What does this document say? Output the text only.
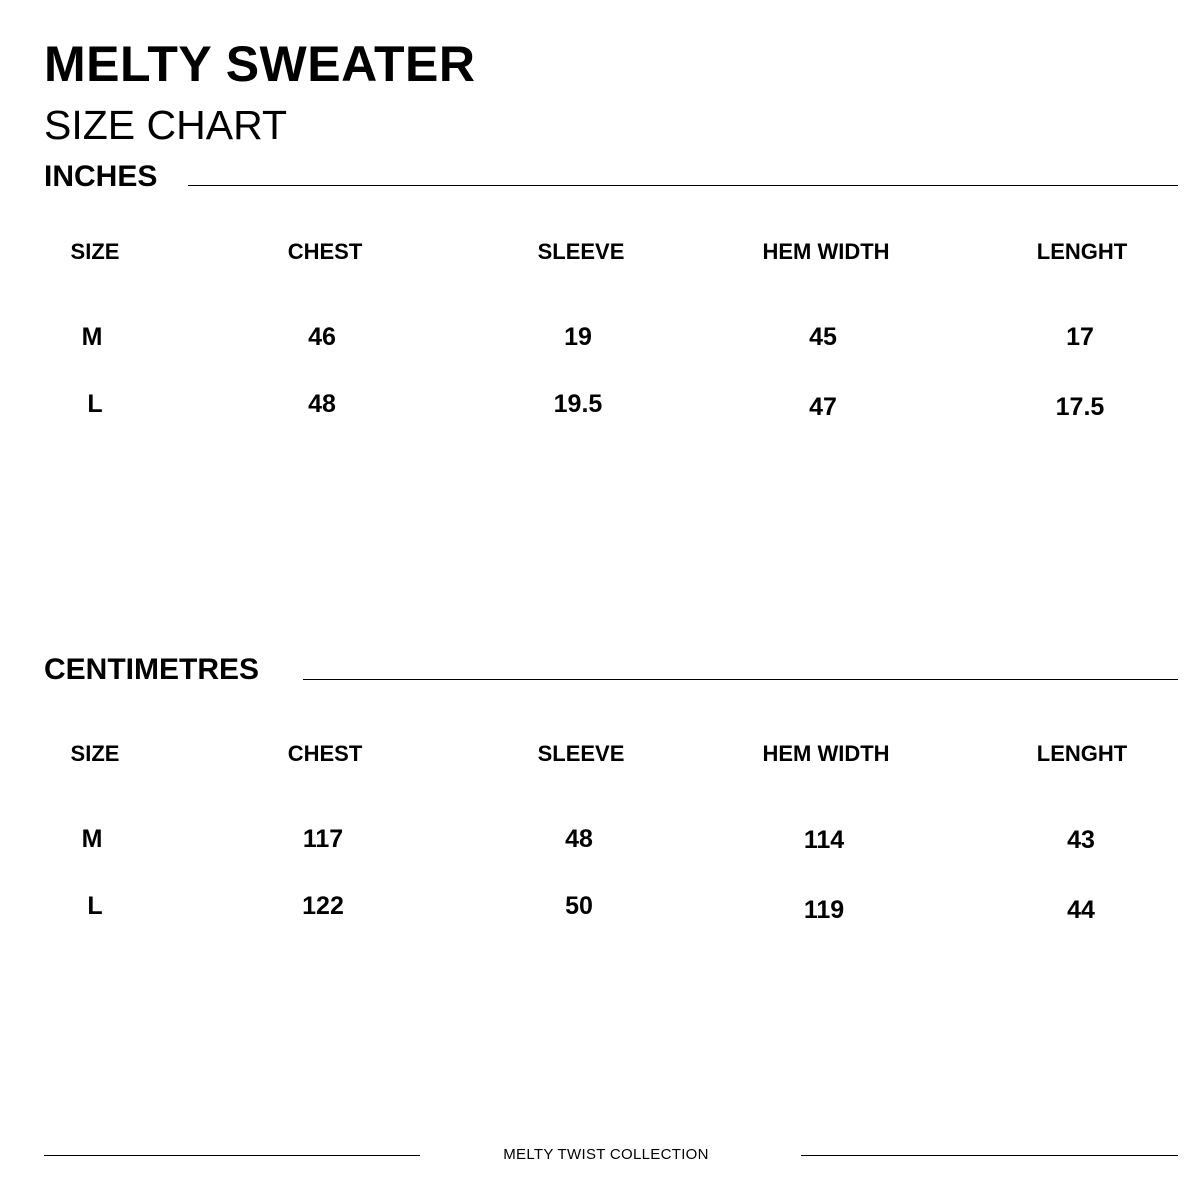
MELTY SWEATER
SIZE CHART
INCHES
SIZE	CHEST	SLEEVE	HEM WIDTH	LENGHT
M	46	19	45	17
L	48	19.5	47	17.5
CENTIMETRES
SIZE	CHEST	SLEEVE	HEM WIDTH	LENGHT
M	117	48	114	43
L	122	50	119	44
MELTY TWIST COLLECTION
